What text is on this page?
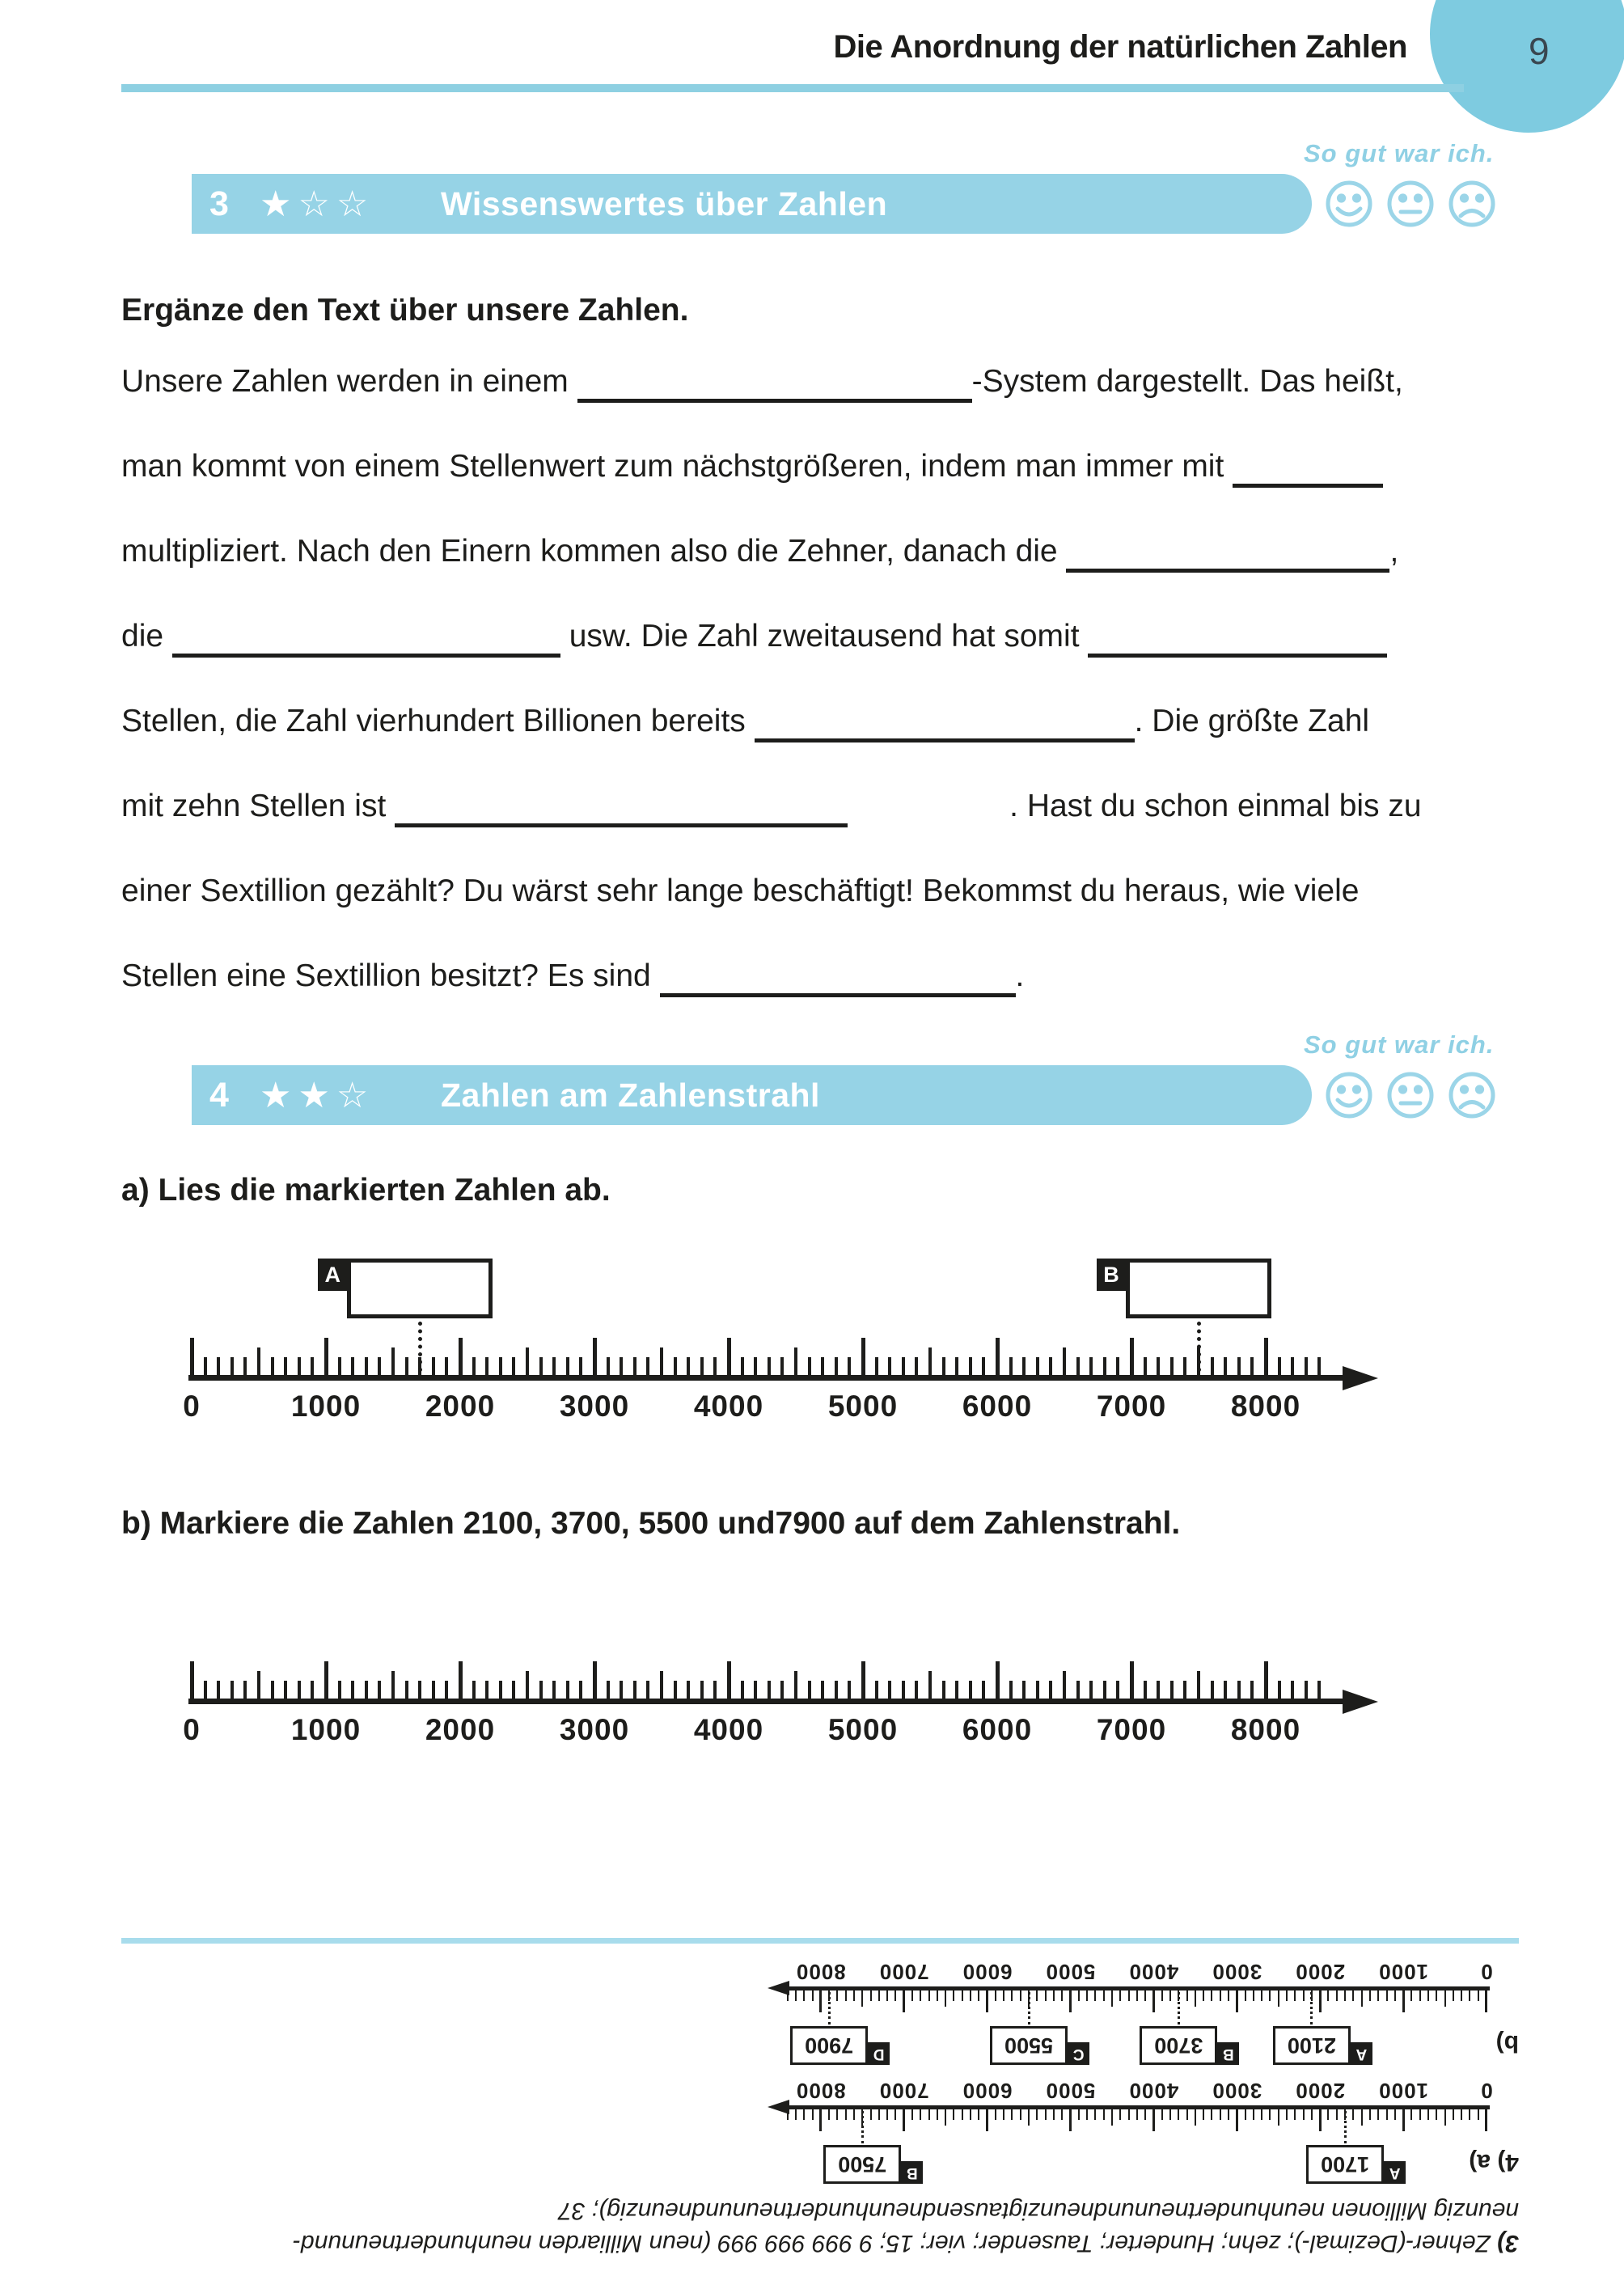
Die Anordnung der natürlichen Zahlen	9
So gut war ich.
3 ★☆☆	Wissenswertes über Zahlen
Ergänze den Text über unsere Zahlen.
Unsere Zahlen werden in einem	-System dargestellt. Das heißt,
man kommt von einem Stellenwert zum nächstgrößeren, indem man immer mit
multipliziert. Nach den Einern kommen also die Zehner, danach die	,
die	usw. Die Zahl zweitausend hat somit
Stellen, die Zahl vierhundert Billionen bereits	. Die größte Zahl
mit zehn Stellen ist	. Hast du schon einmal bis zu
einer Sextillion gezählt? Du wärst sehr lange beschäftigt! Bekommst du heraus, wie viele
Stellen eine Sextillion besitzt? Es sind	.
So gut war ich.
4 ★★☆	Zahlen am Zahlenstrahl
a) Lies die markierten Zahlen ab.
b) Markiere die Zahlen 2100, 3700, 5500 und7900 auf dem Zahlenstrahl.
3) Zehner-(Dezimal-); zehn; Hunderter; Tausender; vier; 15; 9 999 999 999 (neun Milliarden neunhundertneunund-
neunzig Millionen neunhundertneunundneunzigtausendneunhundertneunundneunzig); 37
4) a)
b)
0
1000
2000
3000
4000
5000
6000
7000
8000
1700	A
7500	B
0
1000
2000
3000
4000
5000
6000
7000
8000
2100	A
3700	B
5500	C
7900	D
0	1000 2000 3000 4000 5000 6000 7000 8000
A	B
0	1000 2000 3000 4000 5000 6000 7000 8000
